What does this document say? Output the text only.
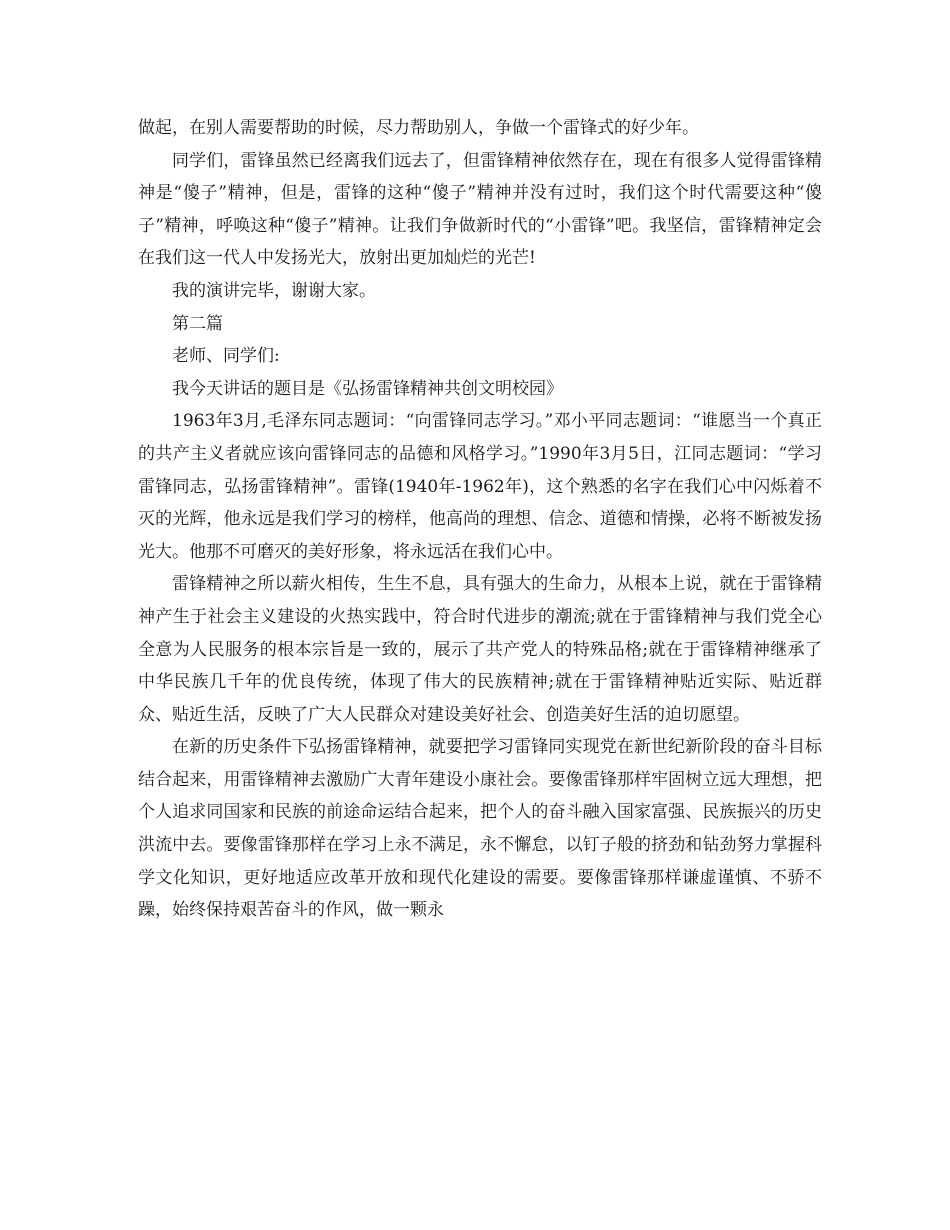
做起，在别人需要帮助的时候，尽力帮助别人，争做一个雷锋式的好少年。

同学们，雷锋虽然已经离我们远去了，但雷锋精神依然存在，现在有很多人觉得雷锋精神是“傻子”精神，但是，雷锋的这种“傻子”精神并没有过时，我们这个时代需要这种“傻子”精神，呼唤这种“傻子”精神。让我们争做新时代的“小雷锋”吧。我坚信，雷锋精神定会在我们这一代人中发扬光大，放射出更加灿烂的光芒!

我的演讲完毕，谢谢大家。

第二篇

老师、同学们:

我今天讲话的题目是《弘扬雷锋精神共创文明校园》

1963年3月,毛泽东同志题词：“向雷锋同志学习。”邓小平同志题词：“谁愿当一个真正的共产主义者就应该向雷锋同志的品德和风格学习。”1990年3月5日，江同志题词：“学习雷锋同志，弘扬雷锋精神”。雷锋(1940年-1962年)，这个熟悉的名字在我们心中闪烁着不灭的光辉，他永远是我们学习的榜样，他高尚的理想、信念、道德和情操，必将不断被发扬光大。他那不可磨灭的美好形象，将永远活在我们心中。

雷锋精神之所以薪火相传，生生不息，具有强大的生命力，从根本上说，就在于雷锋精神产生于社会主义建设的火热实践中，符合时代进步的潮流;就在于雷锋精神与我们党全心全意为人民服务的根本宗旨是一致的，展示了共产党人的特殊品格;就在于雷锋精神继承了中华民族几千年的优良传统，体现了伟大的民族精神;就在于雷锋精神贴近实际、贴近群众、贴近生活，反映了广大人民群众对建设美好社会、创造美好生活的迫切愿望。

在新的历史条件下弘扬雷锋精神，就要把学习雷锋同实现党在新世纪新阶段的奋斗目标结合起来，用雷锋精神去激励广大青年建设小康社会。要像雷锋那样牢固树立远大理想，把个人追求同国家和民族的前途命运结合起来，把个人的奋斗融入国家富强、民族振兴的历史洪流中去。要像雷锋那样在学习上永不满足，永不懈怠，以钉子般的挤劲和钻劲努力掌握科学文化知识，更好地适应改革开放和现代化建设的需要。要像雷锋那样谦虚谨慎、不骄不躁，始终保持艰苦奋斗的作风，做一颗永
